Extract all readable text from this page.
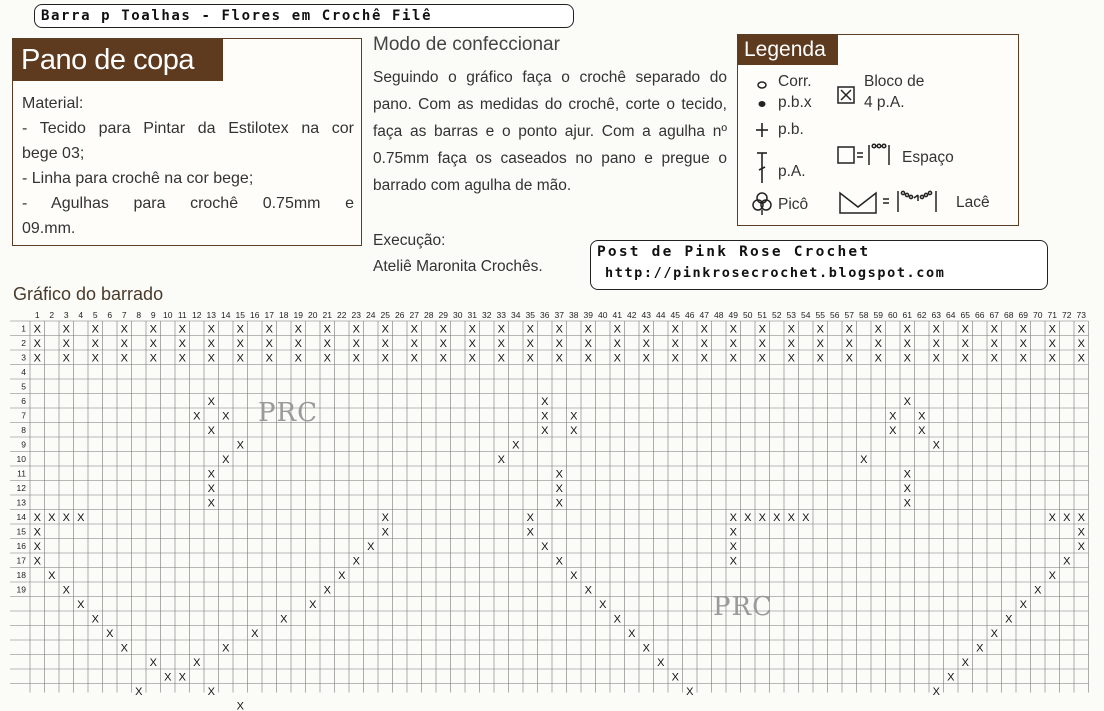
Barra p Toalhas - Flores em Crochê Filê
Pano de copa
Material:
- Tecido para Pintar da Estilotex na cor
bege 03;
- Linha para crochê na cor bege;
- Agulhas para crochê 0.75mm e
09.mm.
Modo de confeccionar
Seguindo o gráfico faça o crochê separado do pano. Com as medidas do crochê, corte o tecido, faça as barras e o ponto ajur. Com a agulha nº 0.75mm faça os caseados no pano e pregue o barrado com agulha de mão.
Execução:
Ateliê Maronita Crochês.
Legenda
Corr.
p.b.x
p.b.
p.A.
Picô
Bloco de
4 p.A.
Espaço
Lacê
Post de Pink Rose Crochet
http://pinkrosecrochet.blogspot.com
Gráfico do barrado
1 2 3 4 5 6 7 8 9 10 11 12 13 14 15 16 17 18 19 20 21 22 23 24 25 26 27 28 29 30 31 32 33 34 35 36 37 38 39 40 41 42 43 44 45 46 47 48 49 50 51 52 53 54 55 56 57 58 59 60 61 62 63 64 65 66 67 68 69 70 71 72 73
1
2
3
4
5
6
7
8
9
10
11
12
13
14
15
16
17
18
19
X X X X X X X X X X X X X X X X X X X X X X X X X X X X X X X X X X X X X
X X X X X X X X X X X X X X X X X X X X X X X X X X X X X X X X X X X X X
X X X X X X X X X X X X X X X X X X X X X X X X X X X X X X X X X X X X X
X X X X
X
X
X
X
X
X
X
X
X
X
X
X
X
X
X
X
X
X
X
X
X
X
X
X
X
X
X
X
X
X
X
X
X
X
X
X
X
X
X
X X X X X X
X
X
X
X X X
X
X
X
X
X
X
X
X
X
X
X
X
X
X X
X
X
X
X
X
X
X
X X
X X
X
X
X
X
X
X
X X
X X
X
X
X
X
X
PRC
PRC
